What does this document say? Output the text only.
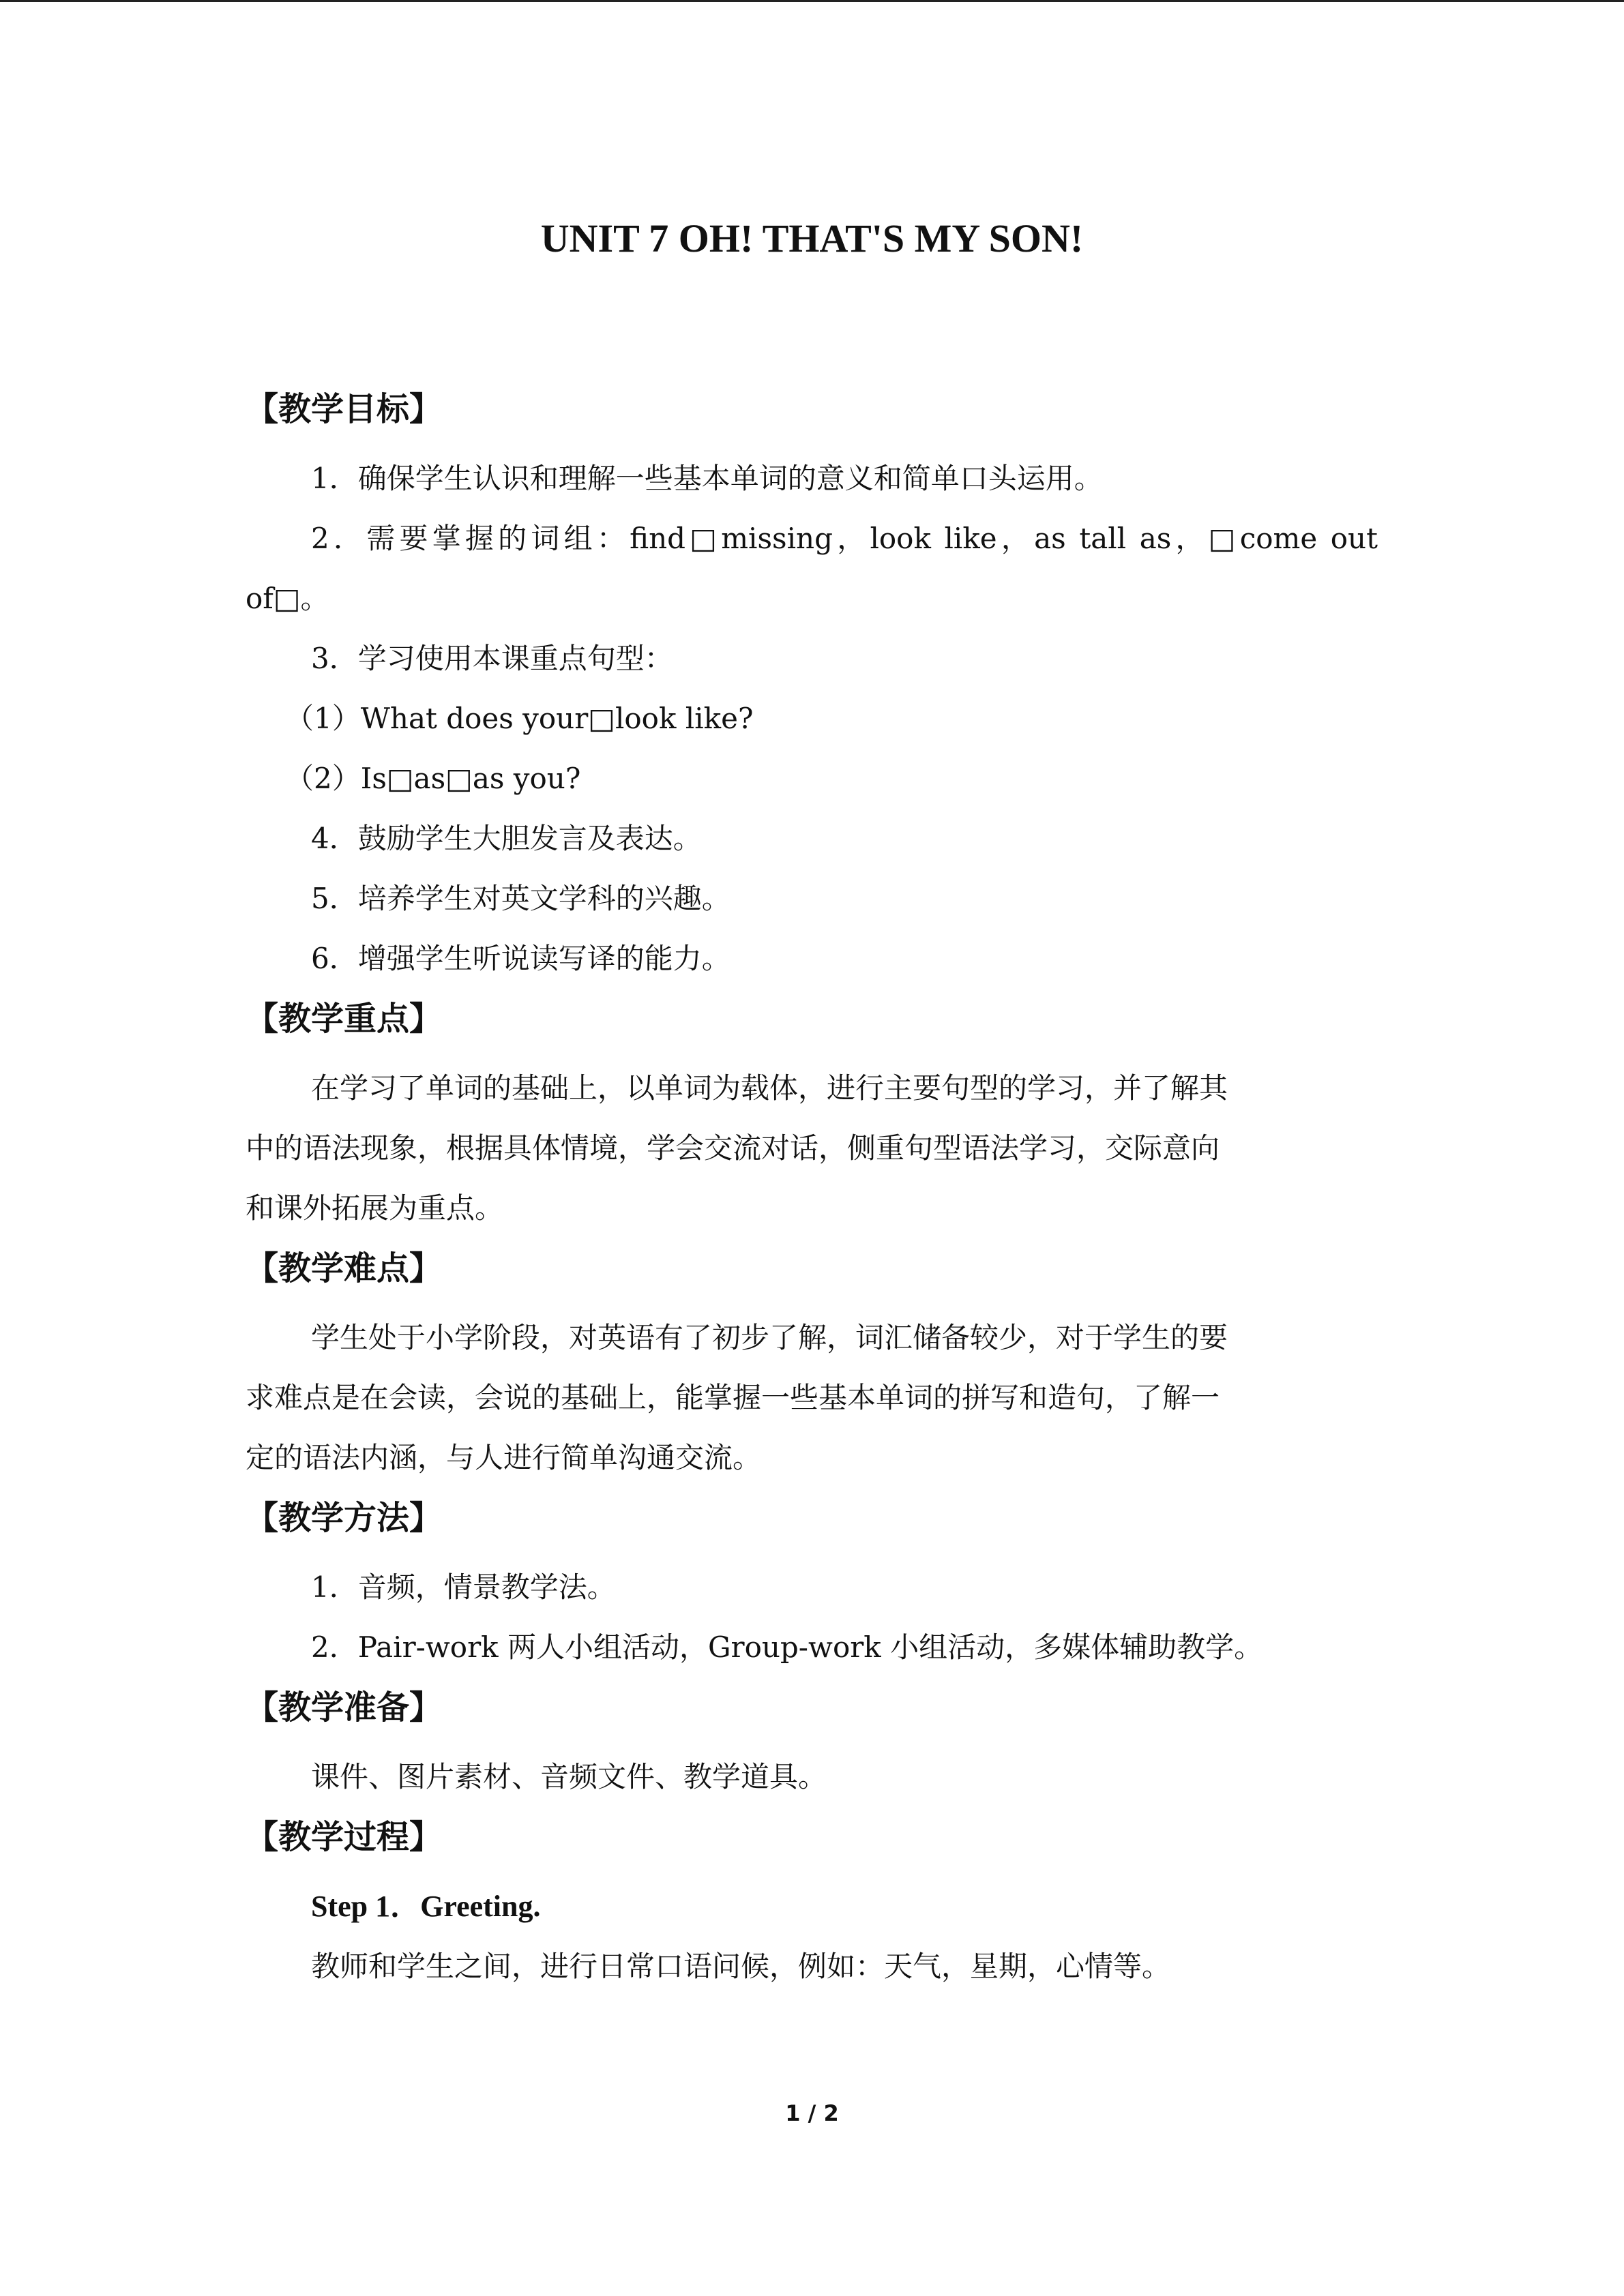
UNIT 7 OH! THAT'S MY SON!

【教学目标】

1．确保学生认识和理解一些基本单词的意义和简单口头运用。

2．需要掌握的词组：find□missing，look like，as tall as，□come out

of□。

3．学习使用本课重点句型：

（1）What does your□look like?

（2）Is□as□as you?

4．鼓励学生大胆发言及表达。

5．培养学生对英文学科的兴趣。

6．增强学生听说读写译的能力。

【教学重点】

在学习了单词的基础上，以单词为载体，进行主要句型的学习，并了解其

中的语法现象，根据具体情境，学会交流对话，侧重句型语法学习，交际意向

和课外拓展为重点。

【教学难点】

学生处于小学阶段，对英语有了初步了解，词汇储备较少，对于学生的要

求难点是在会读，会说的基础上，能掌握一些基本单词的拼写和造句，了解一

定的语法内涵，与人进行简单沟通交流。

【教学方法】

1．音频，情景教学法。

2．Pair-work 两人小组活动，Group-work 小组活动，多媒体辅助教学。

【教学准备】

课件、图片素材、音频文件、教学道具。

【教学过程】

Step 1．Greeting.

教师和学生之间，进行日常口语问候，例如：天气，星期，心情等。

1 / 2
